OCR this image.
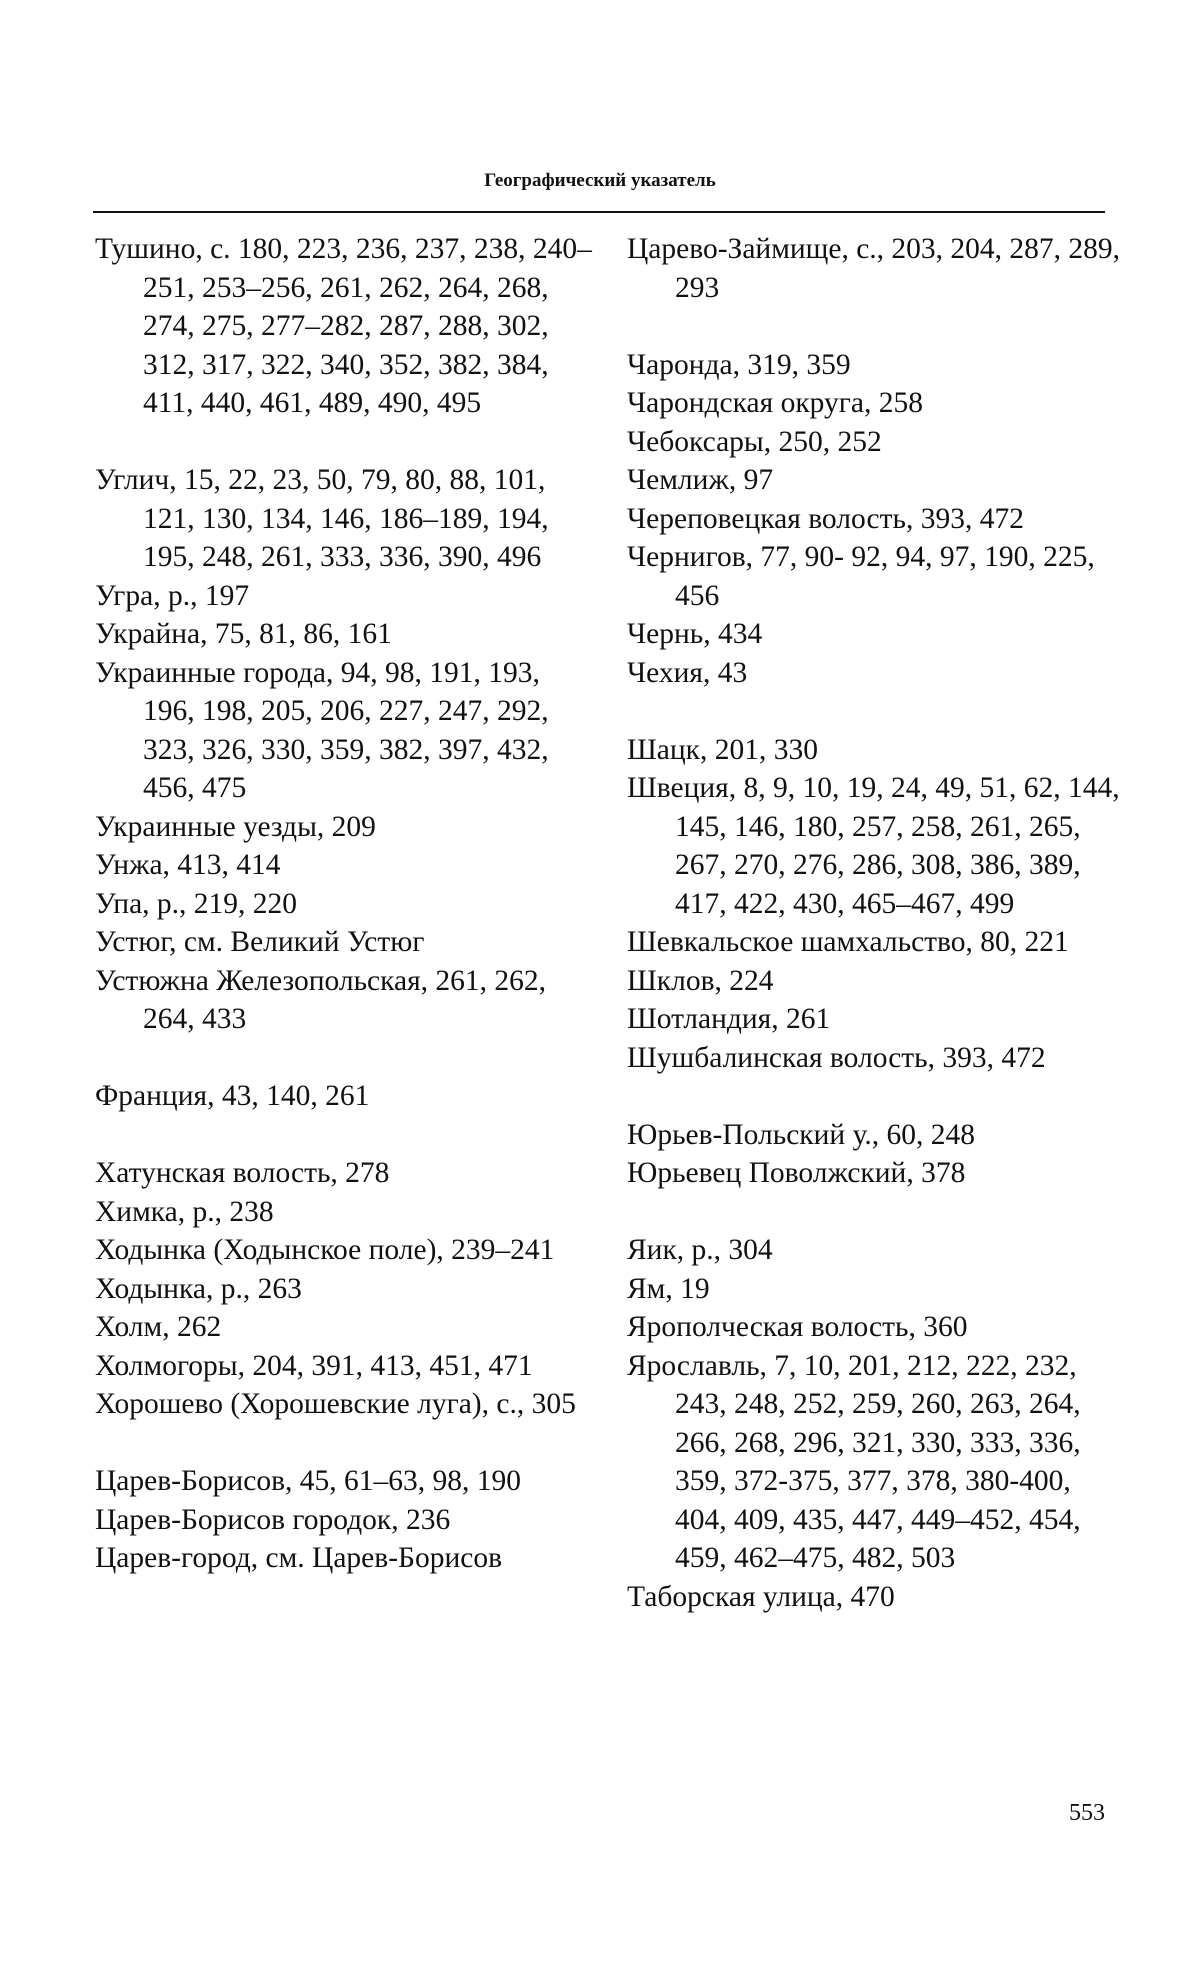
Географический указатель
Тушино, с. 180, 223, 236, 237, 238, 240–251, 253–256, 261, 262, 264, 268, 274, 275, 277–282, 287, 288, 302, 312, 317, 322, 340, 352, 382, 384, 411, 440, 461, 489, 490, 495
Углич, 15, 22, 23, 50, 79, 80, 88, 101, 121, 130, 134, 146, 186–189, 194, 195, 248, 261, 333, 336, 390, 496
Угра, р., 197
Украйна, 75, 81, 86, 161
Украинные города, 94, 98, 191, 193, 196, 198, 205, 206, 227, 247, 292, 323, 326, 330, 359, 382, 397, 432, 456, 475
Украинные уезды, 209
Унжа, 413, 414
Упа, р., 219, 220
Устюг, см. Великий Устюг
Устюжна Железопольская, 261, 262, 264, 433
Франция, 43, 140, 261
Хатунская волость, 278
Химка, р., 238
Ходынка (Ходынское поле), 239–241
Ходынка, р., 263
Холм, 262
Холмогоры, 204, 391, 413, 451, 471
Хорошево (Хорошевские луга), с., 305
Царев-Борисов, 45, 61–63, 98, 190
Царев-Борисов городок, 236
Царев-город, см. Царев-Борисов
Царево-Займище, с., 203, 204, 287, 289, 293
Чаронда, 319, 359
Чарондская округа, 258
Чебоксары, 250, 252
Чемлиж, 97
Череповецкая волость, 393, 472
Чернигов, 77, 90- 92, 94, 97, 190, 225, 456
Чернь, 434
Чехия, 43
Шацк, 201, 330
Швеция, 8, 9, 10, 19, 24, 49, 51, 62, 144, 145, 146, 180, 257, 258, 261, 265, 267, 270, 276, 286, 308, 386, 389, 417, 422, 430, 465–467, 499
Шевкальское шамхальство, 80, 221
Шклов, 224
Шотландия, 261
Шушбалинская волость, 393, 472
Юрьев-Польский у., 60, 248
Юрьевец Поволжский, 378
Яик, р., 304
Ям, 19
Ярополческая волость, 360
Ярославль, 7, 10, 201, 212, 222, 232, 243, 248, 252, 259, 260, 263, 264, 266, 268, 296, 321, 330, 333, 336, 359, 372-375, 377, 378, 380-400, 404, 409, 435, 447, 449–452, 454, 459, 462–475, 482, 503
Таборская улица, 470
553
